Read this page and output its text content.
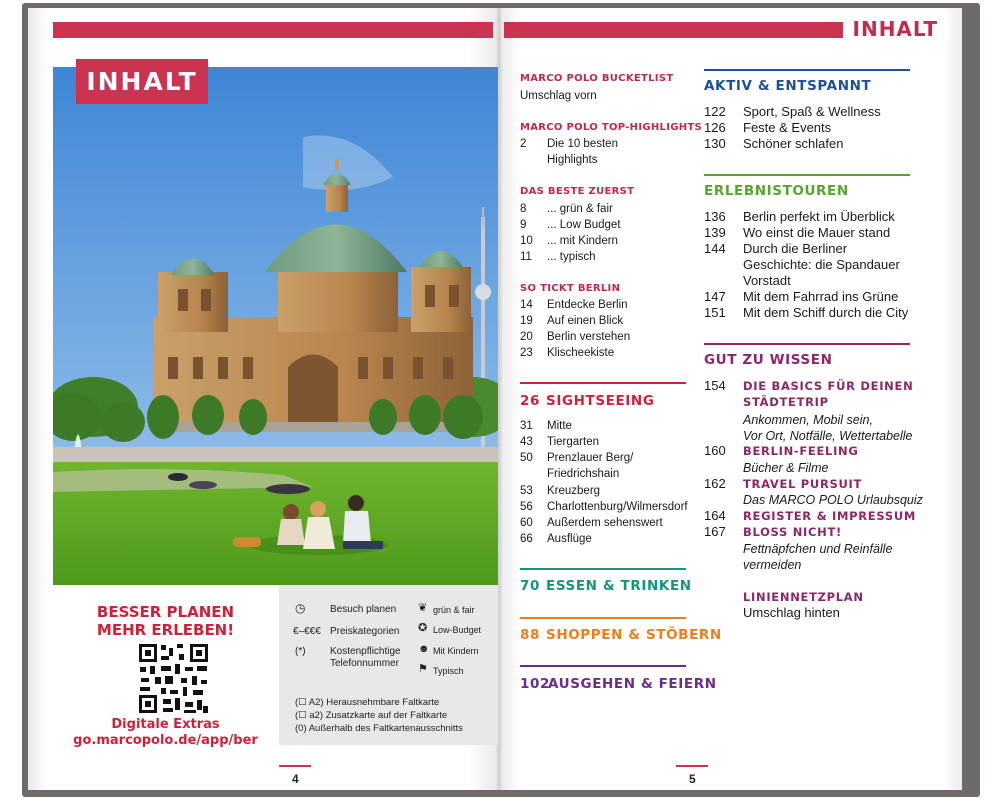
INHALT
INHALT
BESSER PLANEN
MEHR ERLEBEN!
Digitale Extras
go.marcopolo.de/app/ber
◷ Besuch planen
€–€€€ Preiskategorien
(*) Kostenpflichtige
Telefonnummer
❦ grün & fair
✪ Low-Budget
☻ Mit Kindern
⚑ Typisch
(☐ A2) Herausnehmbare Faltkarte
(☐ a2) Zusatzkarte auf der Faltkarte
(0) Außerhalb des Faltkartenausschnitts
4	5
MARCO POLO BUCKETLIST
Umschlag vorn
MARCO POLO TOP-HIGHLIGHTS
2 Die 10 besten
Highlights
DAS BESTE ZUERST
8 ... grün & fair
9 ... Low Budget
10 ... mit Kindern
11 ... typisch
SO TICKT BERLIN
14 Entdecke Berlin
19 Auf einen Blick
20 Berlin verstehen
23 Klischeekiste
26 SIGHTSEEING
31 Mitte
43 Tiergarten
50 Prenzlauer Berg/
Friedrichshain
53 Kreuzberg
56 Charlottenburg/Wilmersdorf
60 Außerdem sehenswert
66 Ausflüge
70 ESSEN & TRINKEN
88 SHOPPEN & STÖBERN
102
AUSGEHEN & FEIERN
AKTIV & ENTSPANNT
122 Sport, Spaß & Wellness
126 Feste & Events
130 Schöner schlafen
ERLEBNISTOUREN
136 Berlin perfekt im Überblick
139 Wo einst die Mauer stand
144 Durch die Berliner
Geschichte: die Spandauer
Vorstadt
147 Mit dem Fahrrad ins Grüne
151 Mit dem Schiff durch die City
GUT ZU WISSEN
154 DIE BASICS FÜR DEINEN
STÄDTETRIP
Ankommen, Mobil sein,
Vor Ort, Notfälle, Wettertabelle
160 BERLIN-FEELING
Bücher & Filme
162 TRAVEL PURSUIT
Das MARCO POLO Urlaubsquiz
164 REGISTER & IMPRESSUM
167 BLOSS NICHT!
Fettnäpfchen und Reinfälle
vermeiden
LINIENNETZPLAN
Umschlag hinten
